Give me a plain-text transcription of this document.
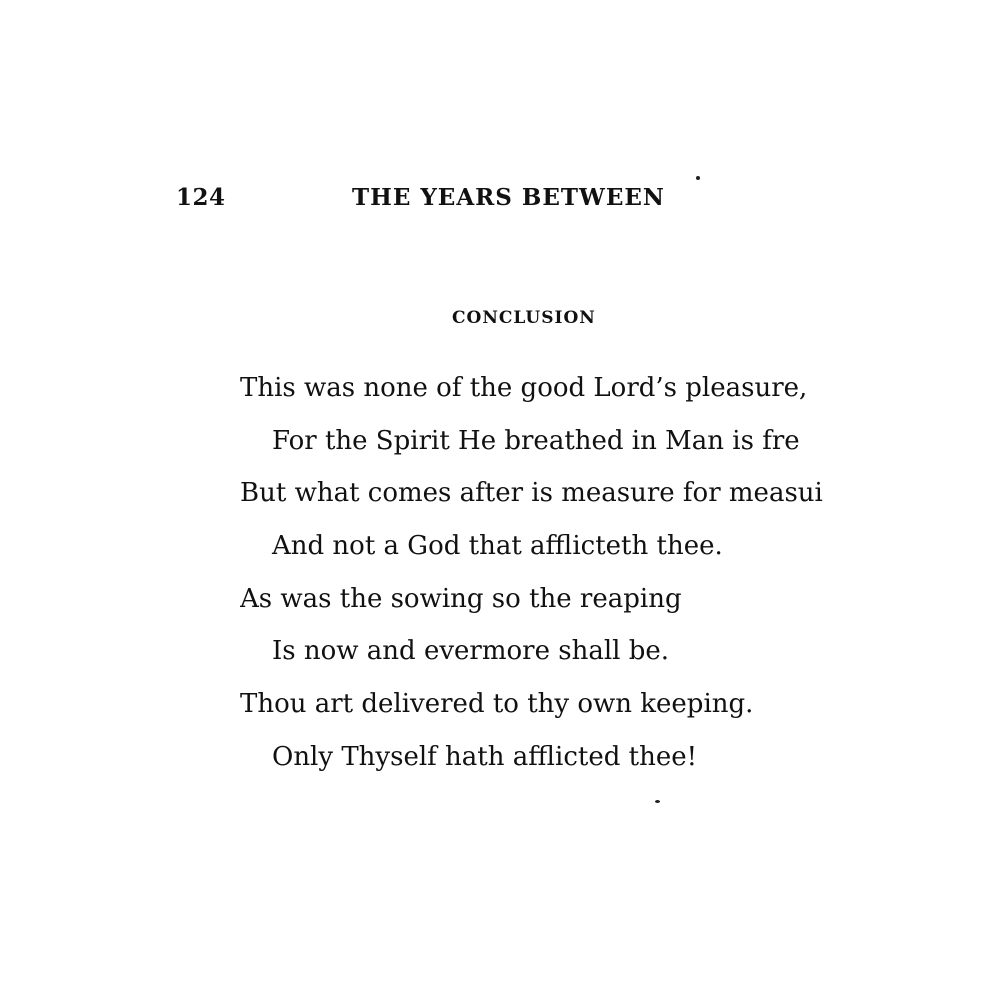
124	THE YEARS BETWEEN
CONCLUSION
This was none of the good Lord’s pleasure,
For the Spirit He breathed in Man is fre
But what comes after is measure for measui
And not a God that afflicteth thee.
As was the sowing so the reaping
Is now and evermore shall be.
Thou art delivered to thy own keeping.
Only Thyself hath afflicted thee!
